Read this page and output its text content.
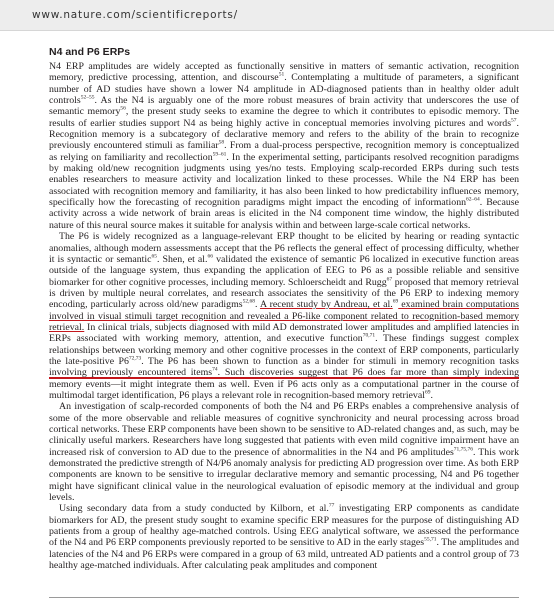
www.nature.com/scientificreports/
N4 and P6 ERPs

N4 ERP amplitudes are widely accepted as functionally sensitive in matters of semantic activation, recognition memory, predictive processing, attention, and discourse$^{51}$. Contemplating a multitude of parameters, a significant number of AD studies have shown a lower N4 amplitude in AD-diagnosed patients than in healthy older adult controls$^{52-55}$. As the N4 is arguably one of the more robust measures of brain activity that underscores the use of semantic memory$^{56}$, the present study seeks to examine the degree to which it contributes to episodic memory. The results of earlier studies support N4 as being highly active in conceptual memories involving pictures and words$^{57}$. Recognition memory is a subcategory of declarative memory and refers to the ability of the brain to recognize previously encountered stimuli as familiar$^{58}$. From a dual-process perspective, recognition memory is conceptualized as relying on familiarity and recollection$^{59-61}$. In the experimental setting, participants resolved recognition paradigms by making old/new recognition judgments using yes/no tests. Employing scalp-recorded ERPs during such tests enables researchers to measure activity and localization linked to these processes. While the N4 ERP has been associated with recognition memory and familiarity, it has also been linked to how predictability influences memory, specifically how the forecasting of recognition paradigms might impact the encoding of informationn$^{62-64}$. Because activity across a wide network of brain areas is elicited in the N4 component time window, the highly distributed nature of this neural source makes it suitable for analysis within and between large-scale cortical networks.

The P6 is widely recognized as a language-relevant ERP thought to be elicited by hearing or reading syntactic anomalies, although modern assessments accept that the P6 reflects the general effect of processing difficulty, whether it is syntactic or semantic$^{65}$. Shen, et al.$^{66}$ validated the existence of semantic P6 localized in executive function areas outside of the language system, thus expanding the application of EEG to P6 as a possible reliable and sensitive biomarker for other cognitive processes, including memory. Schloerscheidt and Rugg$^{67}$ proposed that memory retrieval is driven by multiple neural correlates, and research associates the sensitivity of the P6 ERP to indexing memory encoding, particularly across old/new paradigms$^{52,68}$. A recent study by Andreau, et al.$^{69}$ examined brain computations involved in visual stimuli target recognition and revealed a P6-like component related to recognition-based memory retrieval. In clinical trials, subjects diagnosed with mild AD demonstrated lower amplitudes and amplified latencies in ERPs associated with working memory, attention, and executive function$^{70,71}$. These findings suggest complex relationships between working memory and other cognitive processes in the context of ERP components, particularly the late-positive P6$^{72,73}$. The P6 has been shown to function as a binder for stimuli in memory recognition tasks involving previously encountered items$^{74}$. Such discoveries suggest that P6 does far more than simply indexing memory events—it might integrate them as well. Even if P6 acts only as a computational partner in the course of multimodal target identification, P6 plays a relevant role in recognition-based memory retrieval$^{69}$.

An investigation of scalp-recorded components of both the N4 and P6 ERPs enables a comprehensive analysis of some of the more observable and reliable measures of cognitive synchronicity and neural processing across broad cortical networks. These ERP components have been shown to be sensitive to AD-related changes and, as such, may be clinically useful markers. Researchers have long suggested that patients with even mild cognitive impairment have an increased risk of conversion to AD due to the presence of abnormalities in the N4 and P6 amplitudes$^{71,75,76}$. This work demonstrated the predictive strength of N4/P6 anomaly analysis for predicting AD progression over time. As both ERP components are known to be sensitive to irregular declarative memory and semantic processing, N4 and P6 together might have significant clinical value in the neurological evaluation of episodic memory at the individual and group levels.

Using secondary data from a study conducted by Kilborn, et al.$^{77}$ investigating ERP components as candidate biomarkers for AD, the present study sought to examine specific ERP measures for the purpose of distinguishing AD patients from a group of healthy age-matched controls. Using EEG analytical software, we assessed the performance of the N4 and P6 ERP components previously reported to be sensitive to AD in the early stages$^{55,71}$. The amplitudes and latencies of the N4 and P6 ERPs were compared in a group of 63 mild, untreated AD patients and a control group of 73 healthy age-matched individuals. After calculating peak amplitudes and component
